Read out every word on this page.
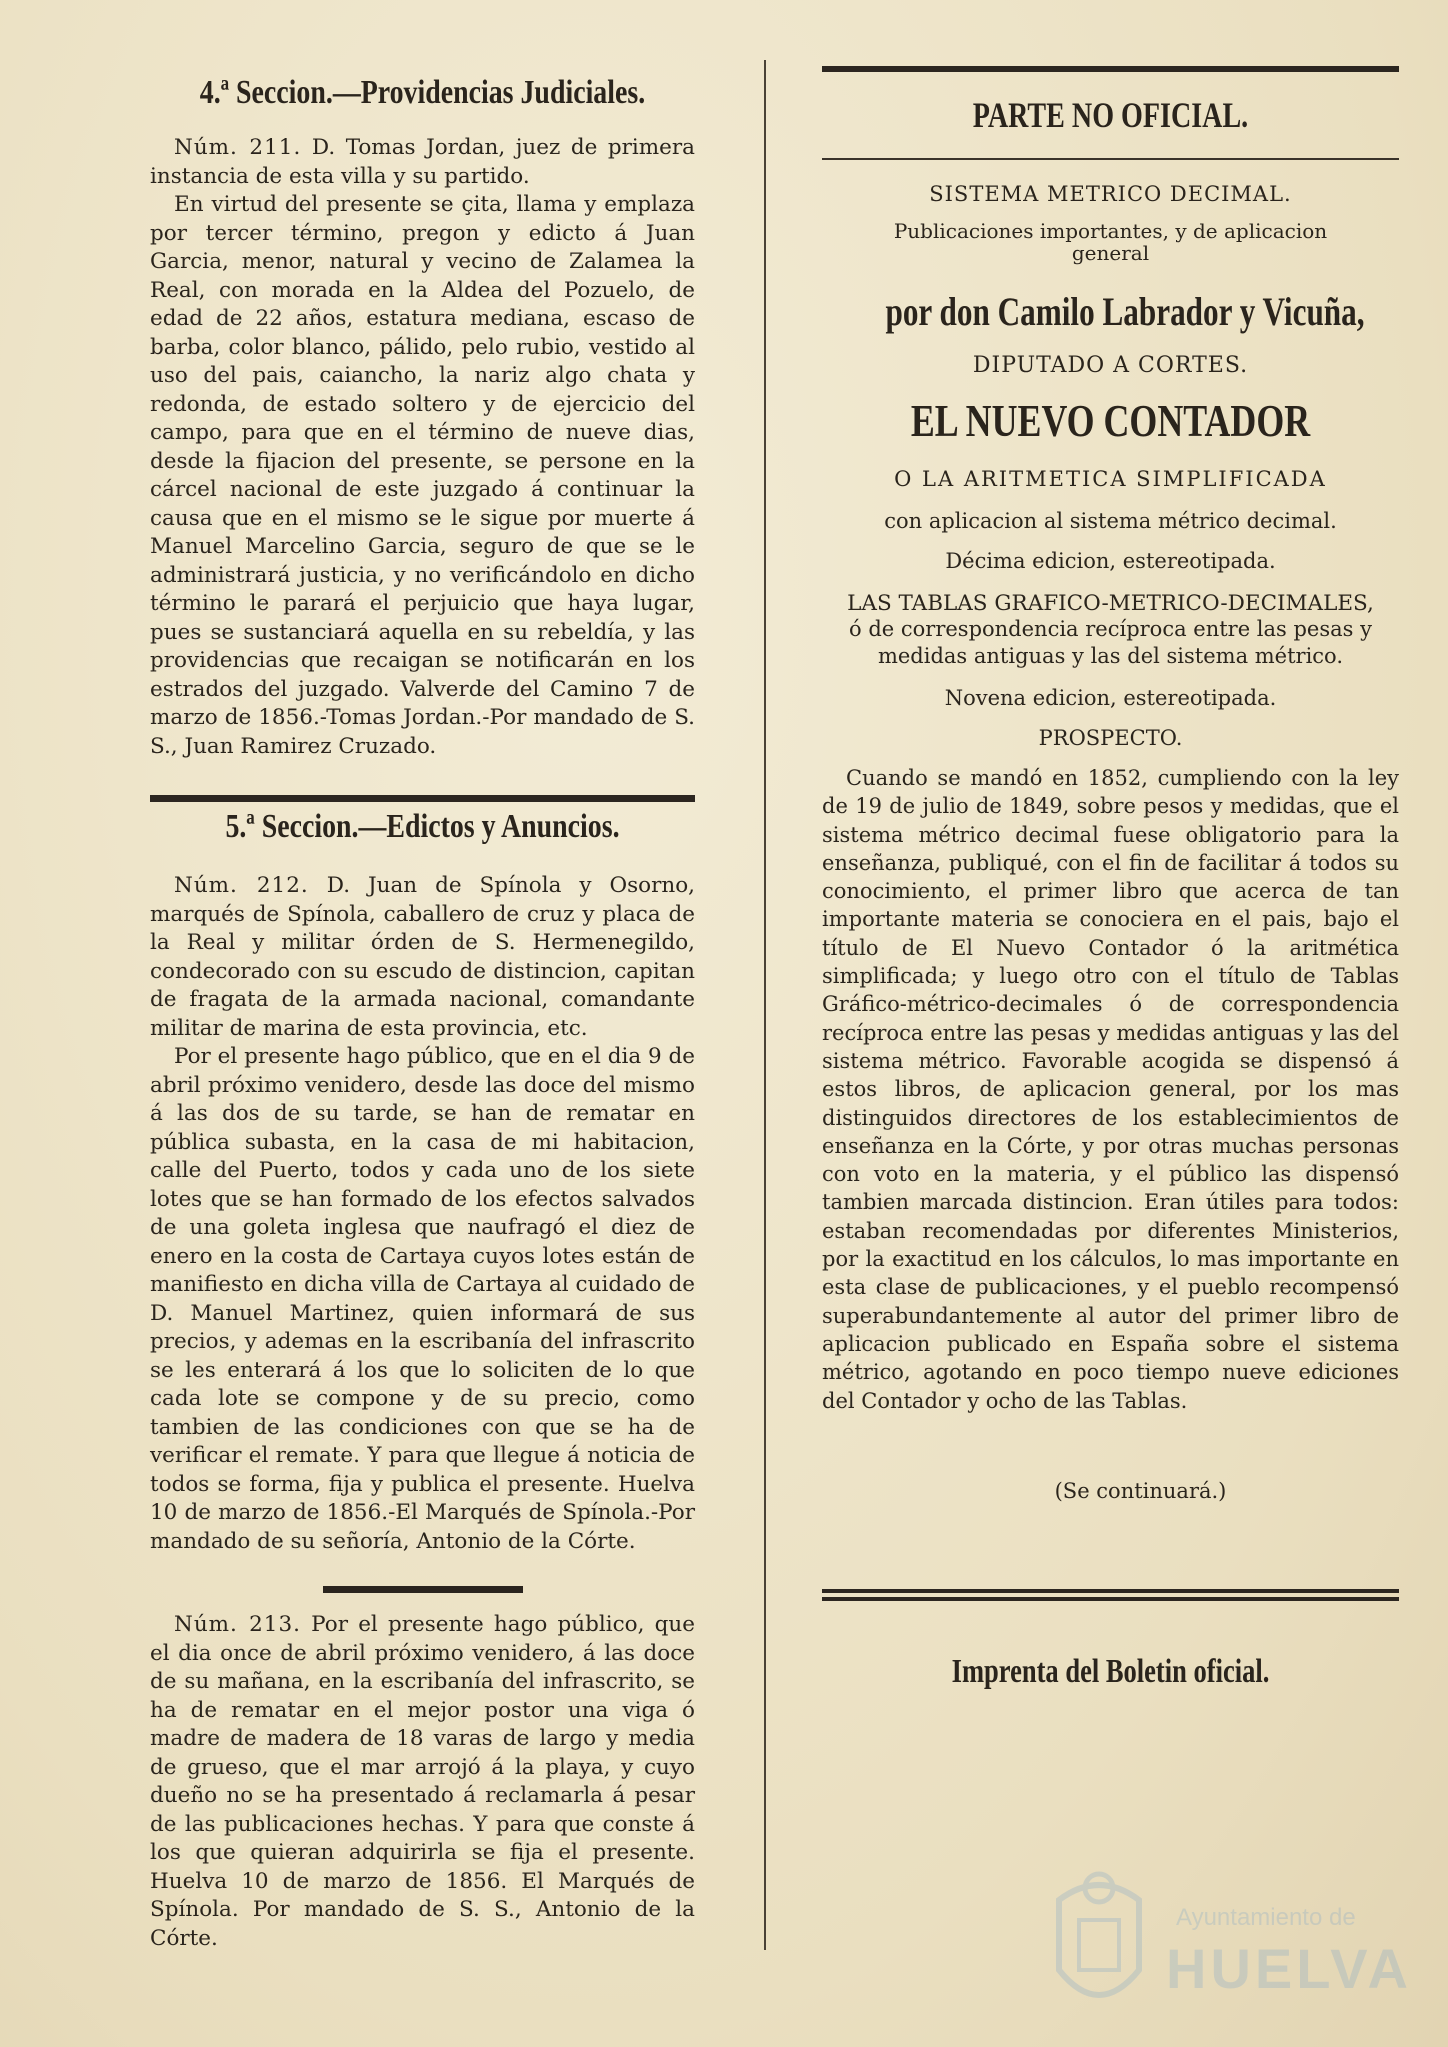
4.ª Seccion.—Providencias Judiciales.

Núm. 211. D. Tomas Jordan, juez de primera instancia de esta villa y su partido.

En virtud del presente se çita, llama y emplaza por tercer término, pregon y edicto á Juan Garcia, menor, natural y vecino de Zalamea la Real, con morada en la Aldea del Pozuelo, de edad de 22 años, estatura mediana, escaso de barba, color blanco, pálido, pelo rubio, vestido al uso del pais, caiancho, la nariz algo chata y redonda, de estado soltero y de ejercicio del campo, para que en el término de nueve dias, desde la fijacion del presente, se persone en la cárcel nacional de este juzgado á continuar la causa que en el mismo se le sigue por muerte á Manuel Marcelino Garcia, seguro de que se le administrará justicia, y no verificándolo en dicho término le parará el perjuicio que haya lugar, pues se sustanciará aquella en su rebeldía, y las providencias que recaigan se notificarán en los estrados del juzgado. Valverde del Camino 7 de marzo de 1856.-Tomas Jordan.-Por mandado de S. S., Juan Ramirez Cruzado.

5.ª Seccion.—Edictos y Anuncios.

Núm. 212. D. Juan de Spínola y Osorno, marqués de Spínola, caballero de cruz y placa de la Real y militar órden de S. Hermenegildo, condecorado con su escudo de distincion, capitan de fragata de la armada nacional, comandante militar de marina de esta provincia, etc.

Por el presente hago público, que en el dia 9 de abril próximo venidero, desde las doce del mismo á las dos de su tarde, se han de rematar en pública subasta, en la casa de mi habitacion, calle del Puerto, todos y cada uno de los siete lotes que se han formado de los efectos salvados de una goleta inglesa que naufragó el diez de enero en la costa de Cartaya cuyos lotes están de manifiesto en dicha villa de Cartaya al cuidado de D. Manuel Martinez, quien informará de sus precios, y ademas en la escribanía del infrascrito se les enterará á los que lo soliciten de lo que cada lote se compone y de su precio, como tambien de las condiciones con que se ha de verificar el remate. Y para que llegue á noticia de todos se forma, fija y publica el presente. Huelva 10 de marzo de 1856.-El Marqués de Spínola.-Por mandado de su señoría, Antonio de la Córte.

Núm. 213. Por el presente hago público, que el dia once de abril próximo venidero, á las doce de su mañana, en la escribanía del infrascrito, se ha de rematar en el mejor postor una viga ó madre de madera de 18 varas de largo y media de grueso, que el mar arrojó á la playa, y cuyo dueño no se ha presentado á reclamarla á pesar de las publicaciones hechas. Y para que conste á los que quieran adquirirla se fija el presente. Huelva 10 de marzo de 1856. El Marqués de Spínola. Por mandado de S. S., Antonio de la Córte.

PARTE NO OFICIAL.
SISTEMA METRICO DECIMAL.
Publicaciones importantes, y de aplicacion general
por don Camilo Labrador y Vicuña,
DIPUTADO A CORTES.
EL NUEVO CONTADOR
O LA ARITMETICA SIMPLIFICADA
con aplicacion al sistema métrico decimal.
Décima edicion, estereotipada.
LAS TABLAS GRAFICO-METRICO-DECIMALES,
ó de correspondencia recíproca entre las pesas y medidas antiguas y las del sistema métrico.
Novena edicion, estereotipada.
PROSPECTO.

Cuando se mandó en 1852, cumpliendo con la ley de 19 de julio de 1849, sobre pesos y medidas, que el sistema métrico decimal fuese obligatorio para la enseñanza, publiqué, con el fin de facilitar á todos su conocimiento, el primer libro que acerca de tan importante materia se conociera en el pais, bajo el título de El Nuevo Contador ó la aritmética simplificada; y luego otro con el título de Tablas Gráfico-métrico-decimales ó de correspondencia recíproca entre las pesas y medidas antiguas y las del sistema métrico. Favorable acogida se dispensó á estos libros, de aplicacion general, por los mas distinguidos directores de los establecimientos de enseñanza en la Córte, y por otras muchas personas con voto en la materia, y el público las dispensó tambien marcada distincion. Eran útiles para todos: estaban recomendadas por diferentes Ministerios, por la exactitud en los cálculos, lo mas importante en esta clase de publicaciones, y el pueblo recompensó superabundantemente al autor del primer libro de aplicacion publicado en España sobre el sistema métrico, agotando en poco tiempo nueve ediciones del Contador y ocho de las Tablas.

(Se continuará.)
Imprenta del Boletin oficial.
Ayuntamiento de
HUELVA
